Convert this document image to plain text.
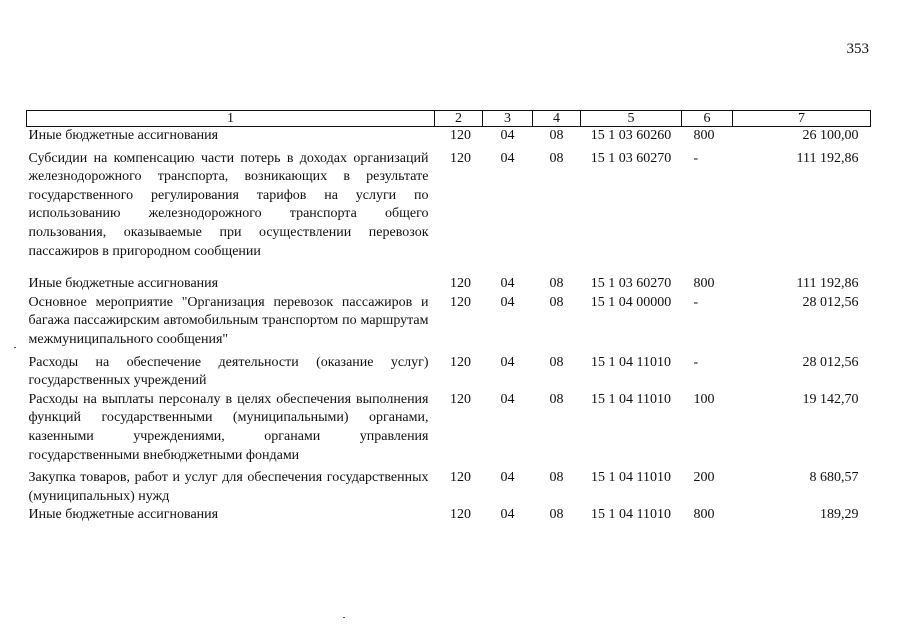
353
1	2	3	4	5	6	7
Иные бюджетные ассигнования	120	04	08	15 1 03 60260	800	26 100,00

Субсидии на компенсацию части потерь в доходах организаций железнодорожного транспорта, возникающих в результате государственного регулирования тарифов на услуги по использованию железнодорожного транспорта общего пользования, оказываемые при осуществлении перевозок пассажиров в пригородном сообщении	120	04	08	15 1 03 60270	-	111 192,86

Иные бюджетные ассигнования	120	04	08	15 1 03 60270	800	111 192,86
Основное мероприятие "Организация перевозок пассажиров и багажа пассажирским автомобильным транспортом по маршрутам межмуниципального сообщения"	120	04	08	15 1 04 00000	-	28 012,56

Расходы на обеспечение деятельности (оказание услуг) государственных учреждений	120	04	08	15 1 04 11010	-	28 012,56
Расходы на выплаты персоналу в целях обеспечения выполнения функций государственными (муниципальными) органами, казенными учреждениями, органами управления государственными внебюджетными фондами	120	04	08	15 1 04 11010	100	19 142,70

Закупка товаров, работ и услуг для обеспечения государственных (муниципальных) нужд	120	04	08	15 1 04 11010	200	8 680,57
Иные бюджетные ассигнования	120	04	08	15 1 04 11010	800	189,29
